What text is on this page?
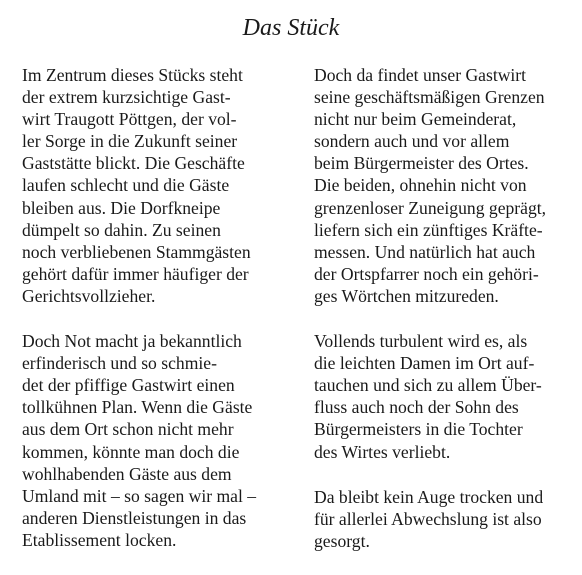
Das Stück

Im Zentrum dieses Stücks steht
der extrem kurzsichtige Gast-
wirt Traugott Pöttgen, der vol-
ler Sorge in die Zukunft seiner
Gaststätte blickt. Die Geschäfte
laufen schlecht und die Gäste
bleiben aus. Die Dorfkneipe
dümpelt so dahin. Zu seinen
noch verbliebenen Stammgästen
gehört dafür immer häufiger der
Gerichtsvollzieher.

Doch Not macht ja bekanntlich
erfinderisch und so schmie-
det der pfiffige Gastwirt einen
tollkühnen Plan. Wenn die Gäste
aus dem Ort schon nicht mehr
kommen, könnte man doch die
wohlhabenden Gäste aus dem
Umland mit – so sagen wir mal –
anderen Dienstleistungen in das
Etablissement locken.

Doch da findet unser Gastwirt
seine geschäftsmäßigen Grenzen
nicht nur beim Gemeinderat,
sondern auch und vor allem
beim Bürgermeister des Ortes.
Die beiden, ohnehin nicht von
grenzenloser Zuneigung geprägt,
liefern sich ein zünftiges Kräfte-
messen. Und natürlich hat auch
der Ortspfarrer noch ein gehöri-
ges Wörtchen mitzureden.

Vollends turbulent wird es, als
die leichten Damen im Ort auf-
tauchen und sich zu allem Über-
fluss auch noch der Sohn des
Bürgermeisters in die Tochter
des Wirtes verliebt.

Da bleibt kein Auge trocken und
für allerlei Abwechslung ist also
gesorgt.
